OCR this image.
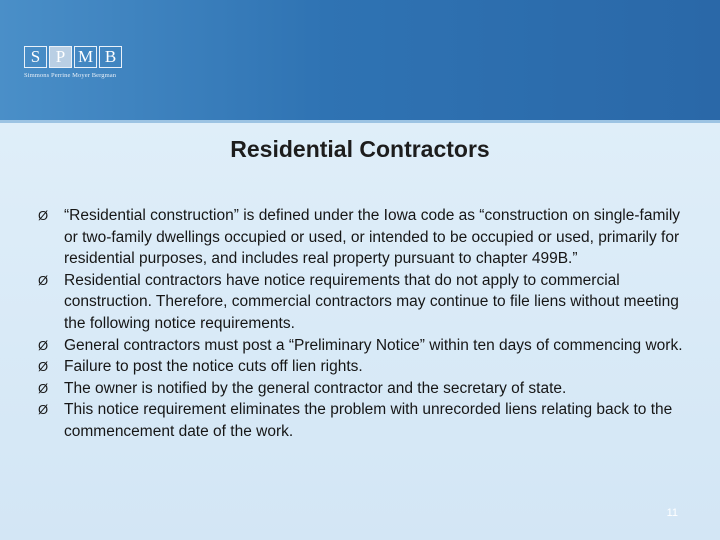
S P M B
Simmons Perrine Moyer Bergman
Residential Contractors
Ø	“Residential construction” is defined under the Iowa code as “construction on single-family or two-family dwellings occupied or used, or intended to be occupied or used, primarily for residential purposes, and includes real property pursuant to chapter 499B.”
Ø	Residential contractors have notice requirements that do not apply to commercial construction. Therefore, commercial contractors may continue to file liens without meeting the following notice requirements.
Ø	General contractors must post a “Preliminary Notice” within ten days of commencing work.
Ø	Failure to post the notice cuts off lien rights.
Ø	The owner is notified by the general contractor and the secretary of state.
Ø	This notice requirement eliminates the problem with unrecorded liens relating back to the commencement date of the work.
11
